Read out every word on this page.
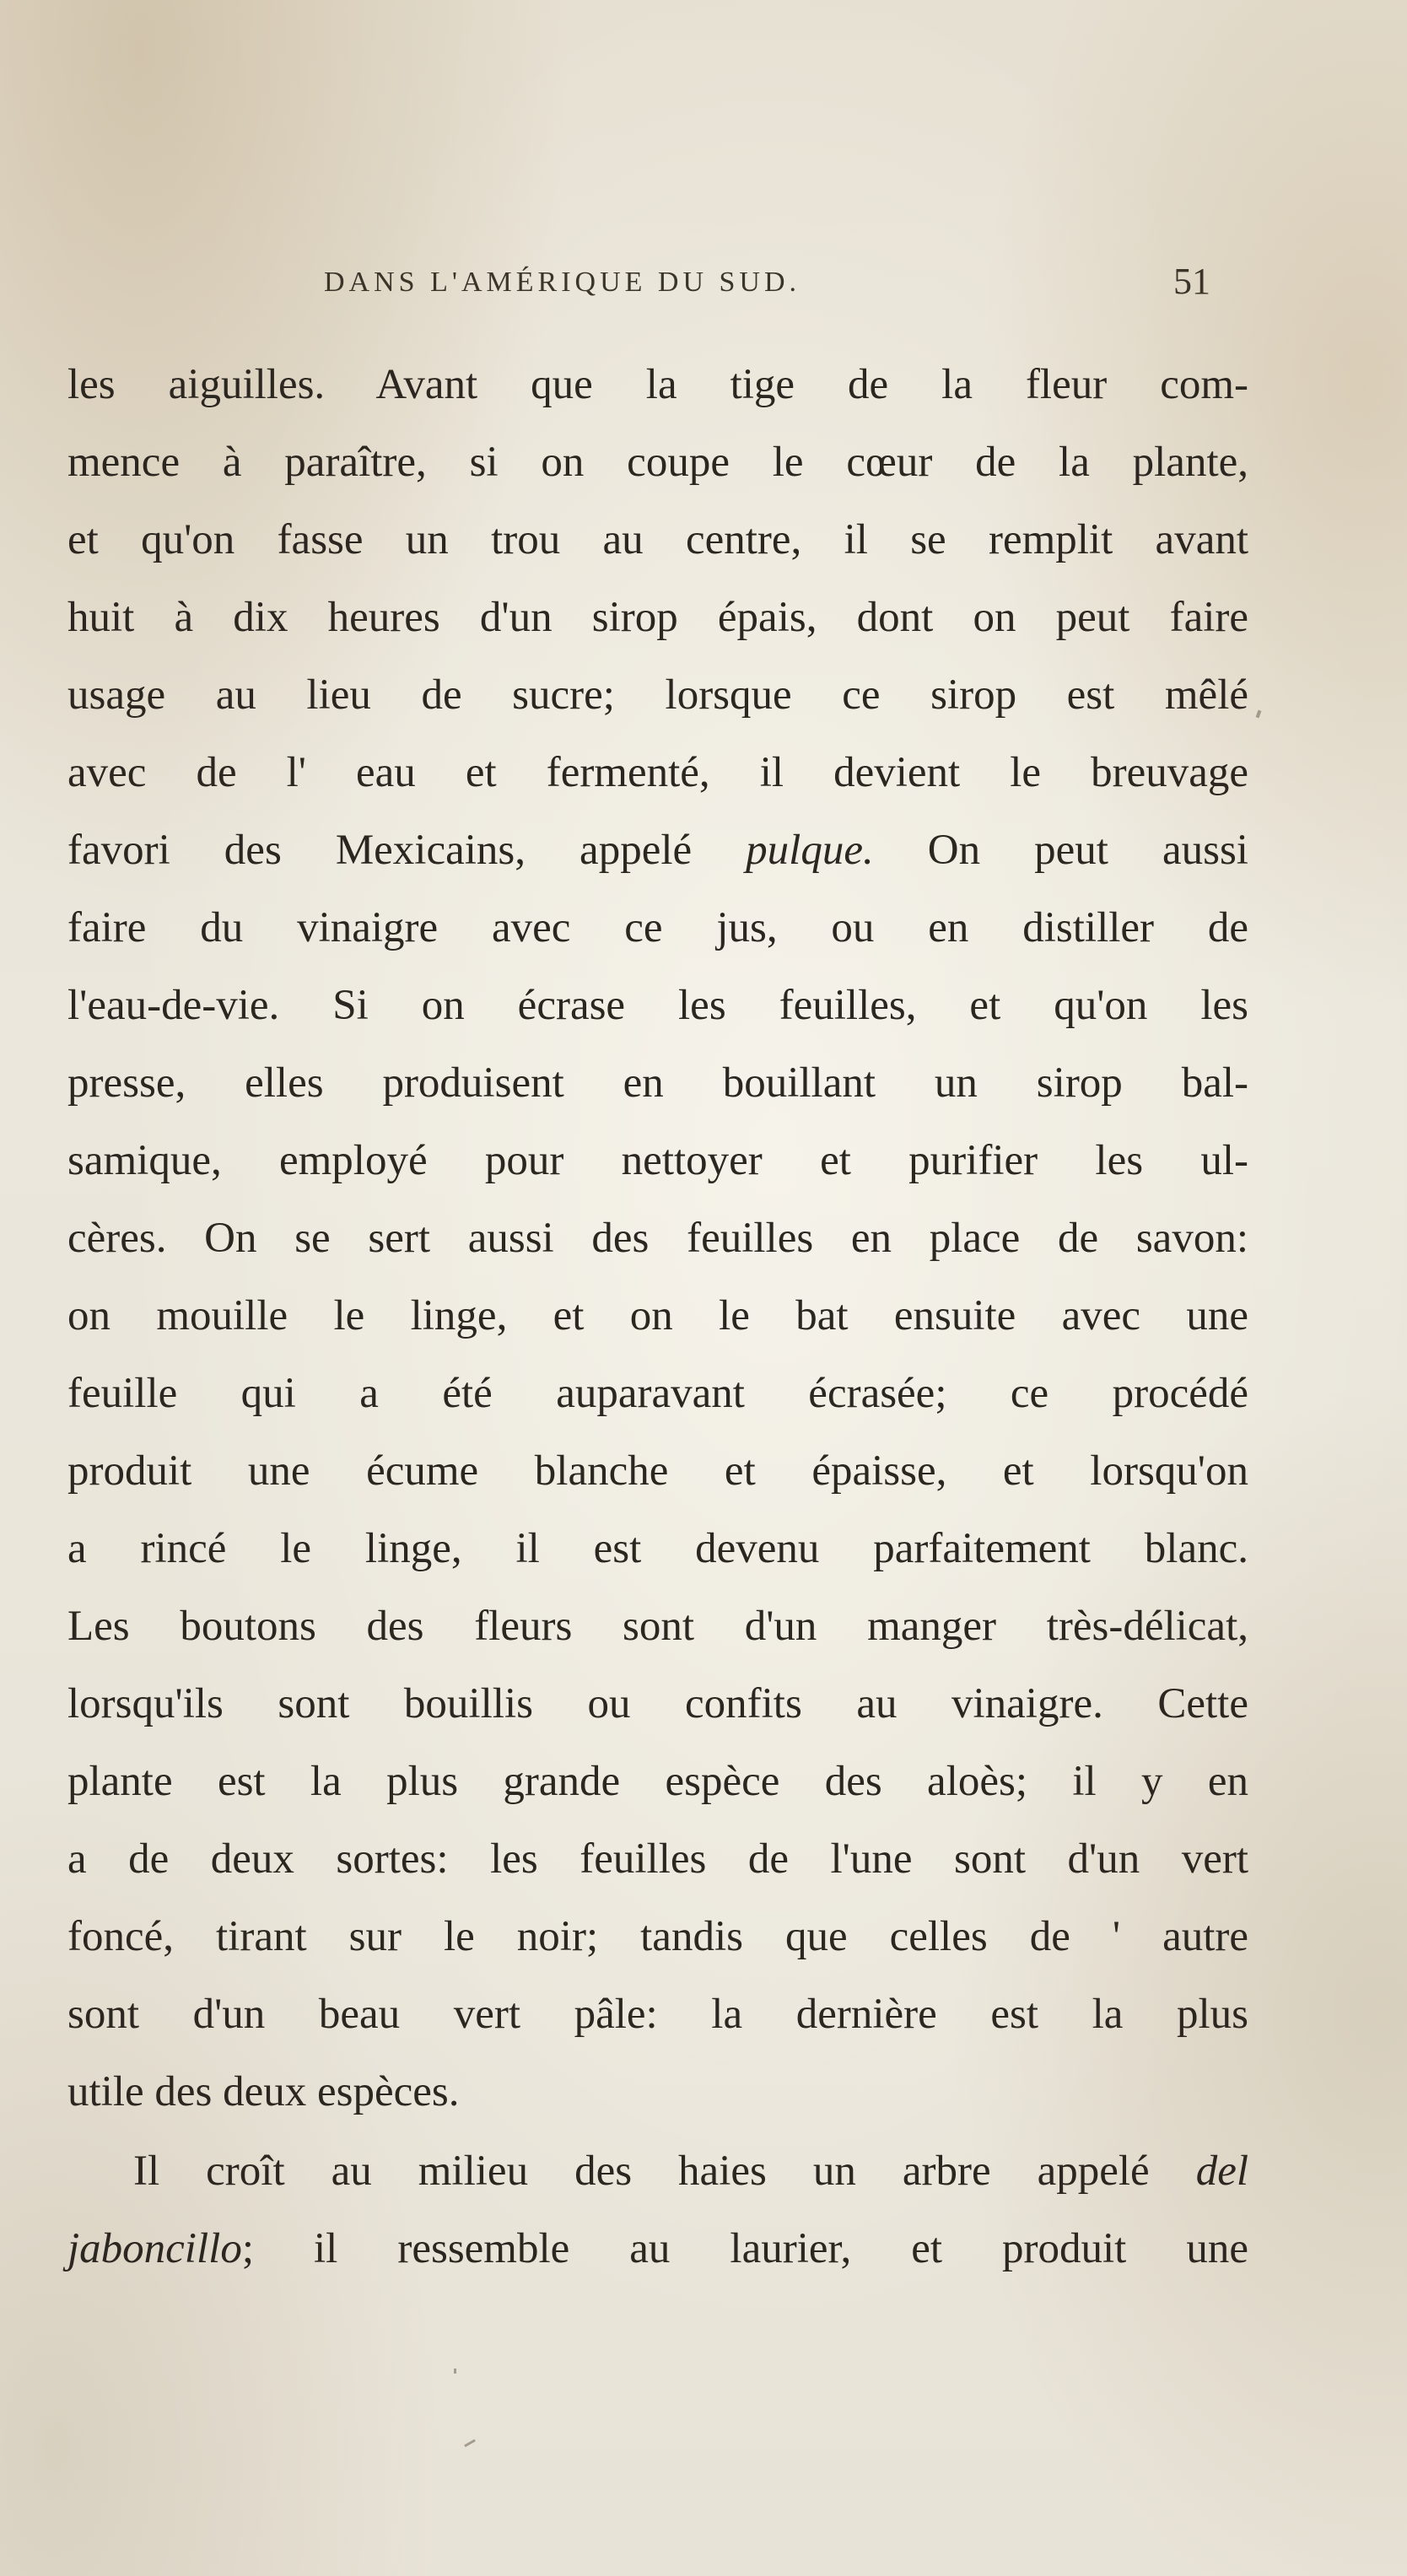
DANS L'AMÉRIQUE DU SUD.	51
les aiguilles. Avant que la tige de la fleur com-
mence à paraître, si on coupe le cœur de la plante,
et qu'on fasse un trou au centre, il se remplit avant
huit à dix heures d'un sirop épais, dont on peut faire
usage au lieu de sucre; lorsque ce sirop est mêlé
avec de l' eau et fermenté, il devient le breuvage
favori des Mexicains, appelé pulque. On peut aussi
faire du vinaigre avec ce jus, ou en distiller de
l'eau-de-vie. Si on écrase les feuilles, et qu'on les
presse, elles produisent en bouillant un sirop bal-
samique, employé pour nettoyer et purifier les ul-
cères. On se sert aussi des feuilles en place de savon:
on mouille le linge, et on le bat ensuite avec une
feuille qui a été auparavant écrasée; ce procédé
produit une écume blanche et épaisse, et lorsqu'on
a rincé le linge, il est devenu parfaitement blanc.
Les boutons des fleurs sont d'un manger très-délicat,
lorsqu'ils sont bouillis ou confits au vinaigre. Cette
plante est la plus grande espèce des aloès; il y en
a de deux sortes: les feuilles de l'une sont d'un vert
foncé, tirant sur le noir; tandis que celles de ' autre
sont d'un beau vert pâle: la dernière est la plus
utile des deux espèces.
Il croît au milieu des haies un arbre appelé del
jaboncillo; il ressemble au laurier, et produit une
